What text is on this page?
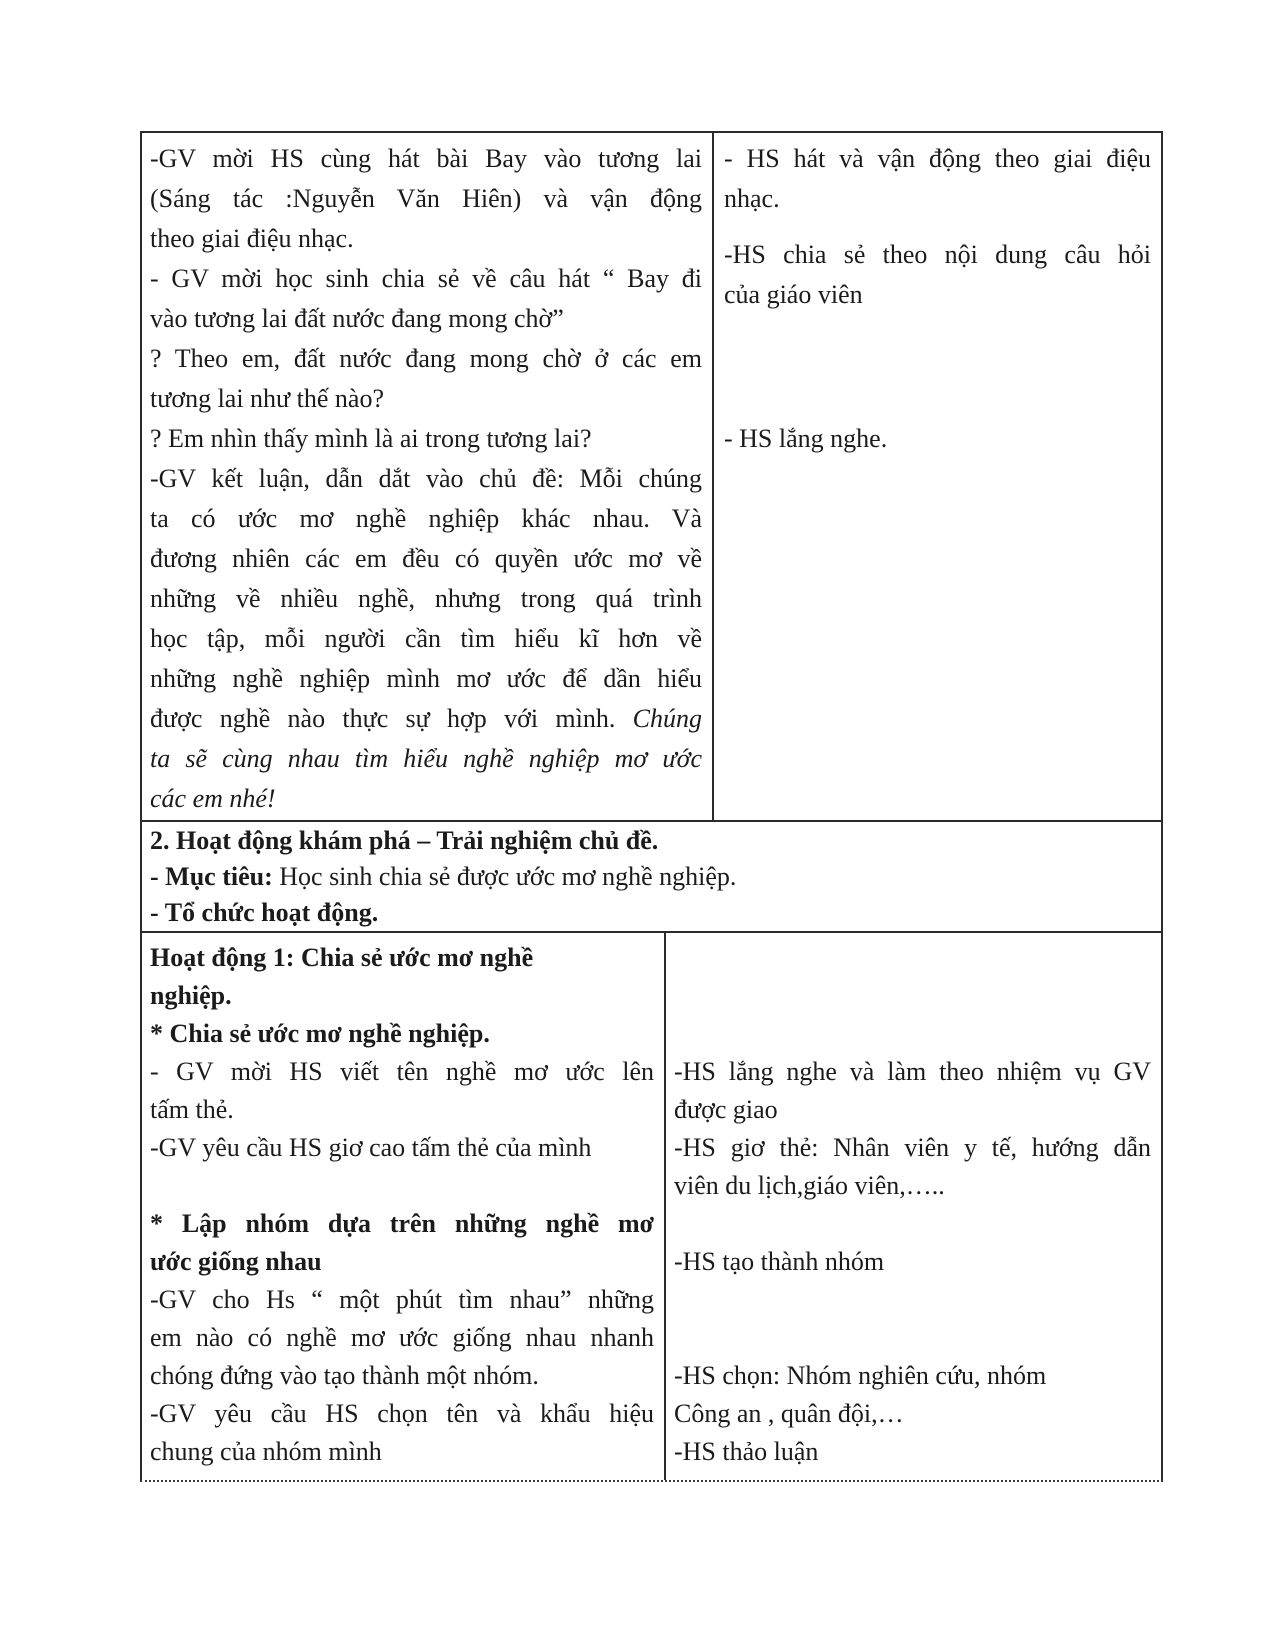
-GV mời HS cùng hát bài Bay vào tương lai
(Sáng tác :Nguyễn Văn Hiên) và vận động
theo giai điệu nhạc.
- GV mời học sinh chia sẻ về câu hát “ Bay đi
vào tương lai đất nước đang mong chờ”
? Theo em, đất nước đang mong chờ ở các em
tương lai như thế nào?
? Em nhìn thấy mình là ai trong tương lai?
-GV kết luận, dẫn dắt vào chủ đề: Mỗi chúng
ta có ước mơ nghề nghiệp khác nhau. Và
đương nhiên các em đều có quyền ước mơ về
những về nhiều nghề, nhưng trong quá trình
học tập, mỗi người cần tìm hiểu kĩ hơn về
những nghề nghiệp mình mơ ước để dần hiểu
được nghề nào thực sự hợp với mình. Chúng
ta sẽ cùng nhau tìm hiểu nghề nghiệp mơ ước
các em nhé!
- HS hát và vận động theo giai điệu
nhạc.
-HS chia sẻ theo nội dung câu hỏi
của giáo viên
- HS lắng nghe.
2. Hoạt động khám phá – Trải nghiệm chủ đề.
- Mục tiêu: Học sinh chia sẻ được ước mơ nghề nghiệp.
- Tổ chức hoạt động.
Hoạt động 1: Chia sẻ ước mơ nghề
nghiệp.
* Chia sẻ ước mơ nghề nghiệp.
- GV mời HS viết tên nghề mơ ước lên
tấm thẻ.
-GV yêu cầu HS giơ cao tấm thẻ của mình

* Lập nhóm dựa trên những nghề mơ
ước giống nhau
-GV cho Hs “ một phút tìm nhau” những
em nào có nghề mơ ước giống nhau nhanh
chóng đứng vào tạo thành một nhóm.
-GV yêu cầu HS chọn tên và khẩu hiệu
chung của nhóm mình

-HS lắng nghe và làm theo nhiệm vụ GV
được giao
-HS giơ thẻ: Nhân viên y tế, hướng dẫn
viên du lịch,giáo viên,…..

-HS tạo thành nhóm

-HS chọn: Nhóm nghiên cứu, nhóm
Công an , quân đội,…
-HS thảo luận
